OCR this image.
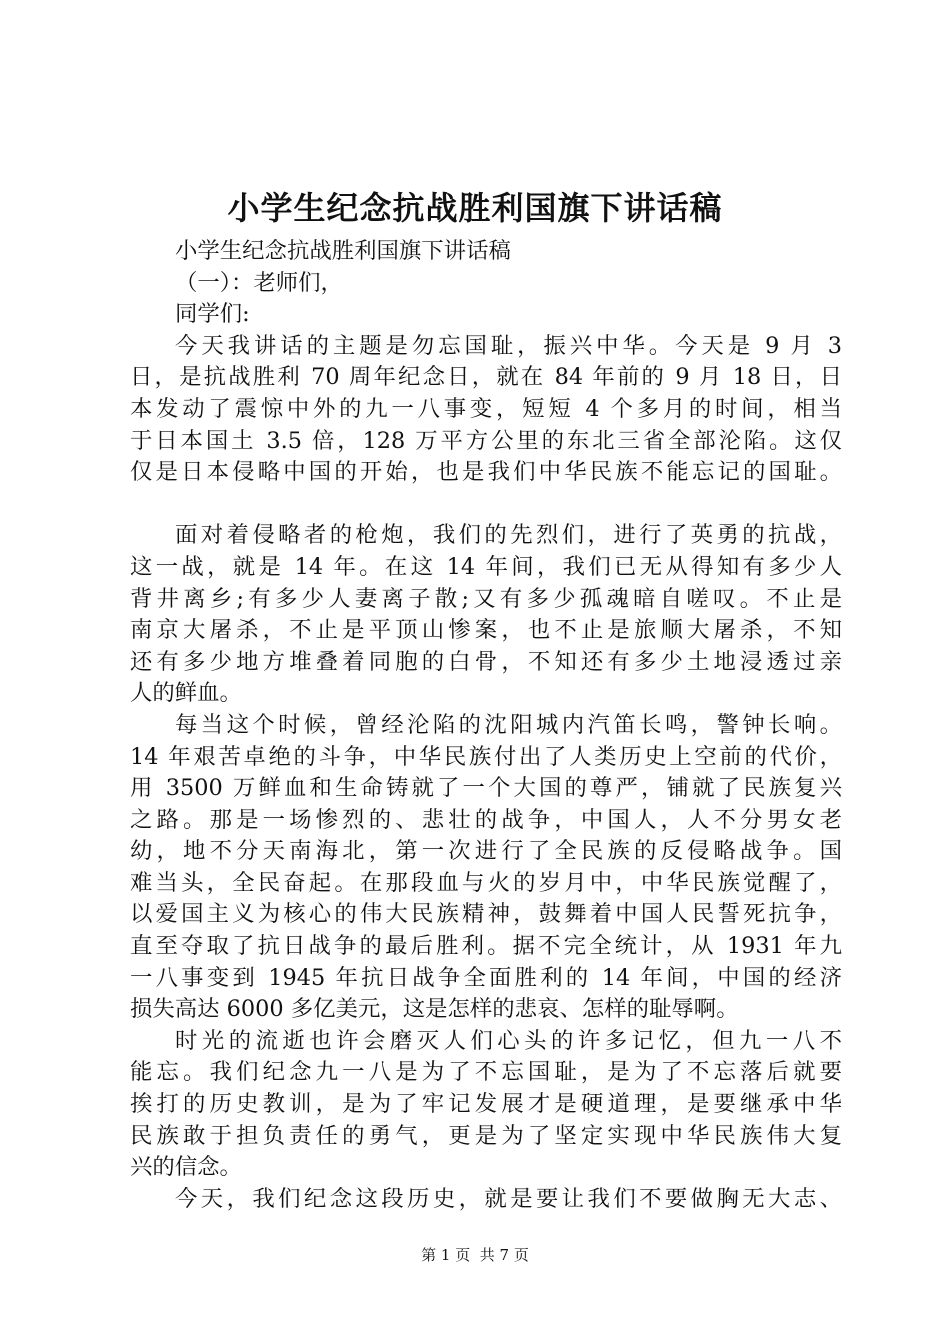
小学生纪念抗战胜利国旗下讲话稿
小学生纪念抗战胜利国旗下讲话稿
（一）：老师们，
同学们:
今天我讲话的主题是勿忘国耻，振兴中华。今天是 9 月 3
日，是抗战胜利 70 周年纪念日，就在 84 年前的 9 月 18 日，日
本发动了震惊中外的九一八事变，短短 4 个多月的时间，相当
于日本国土 3.5 倍，128 万平方公里的东北三省全部沦陷。这仅
仅是日本侵略中国的开始，也是我们中华民族不能忘记的国耻。
面对着侵略者的枪炮，我们的先烈们，进行了英勇的抗战，
这一战，就是 14 年。在这 14 年间，我们已无从得知有多少人
背井离乡;有多少人妻离子散;又有多少孤魂暗自嗟叹。不止是
南京大屠杀，不止是平顶山惨案，也不止是旅顺大屠杀，不知
还有多少地方堆叠着同胞的白骨，不知还有多少土地浸透过亲
人的鲜血。
每当这个时候，曾经沦陷的沈阳城内汽笛长鸣，警钟长响。
14 年艰苦卓绝的斗争，中华民族付出了人类历史上空前的代价，
用 3500 万鲜血和生命铸就了一个大国的尊严，铺就了民族复兴
之路。那是一场惨烈的、悲壮的战争，中国人，人不分男女老
幼，地不分天南海北，第一次进行了全民族的反侵略战争。国
难当头，全民奋起。在那段血与火的岁月中，中华民族觉醒了，
以爱国主义为核心的伟大民族精神，鼓舞着中国人民誓死抗争，
直至夺取了抗日战争的最后胜利。据不完全统计，从 1931 年九
一八事变到 1945 年抗日战争全面胜利的 14 年间，中国的经济
损失高达 6000 多亿美元，这是怎样的悲哀、怎样的耻辱啊。
时光的流逝也许会磨灭人们心头的许多记忆，但九一八不
能忘。我们纪念九一八是为了不忘国耻，是为了不忘落后就要
挨打的历史教训，是为了牢记发展才是硬道理，是要继承中华
民族敢于担负责任的勇气，更是为了坚定实现中华民族伟大复
兴的信念。
今天，我们纪念这段历史，就是要让我们不要做胸无大志、
第 1 页 共 7 页
